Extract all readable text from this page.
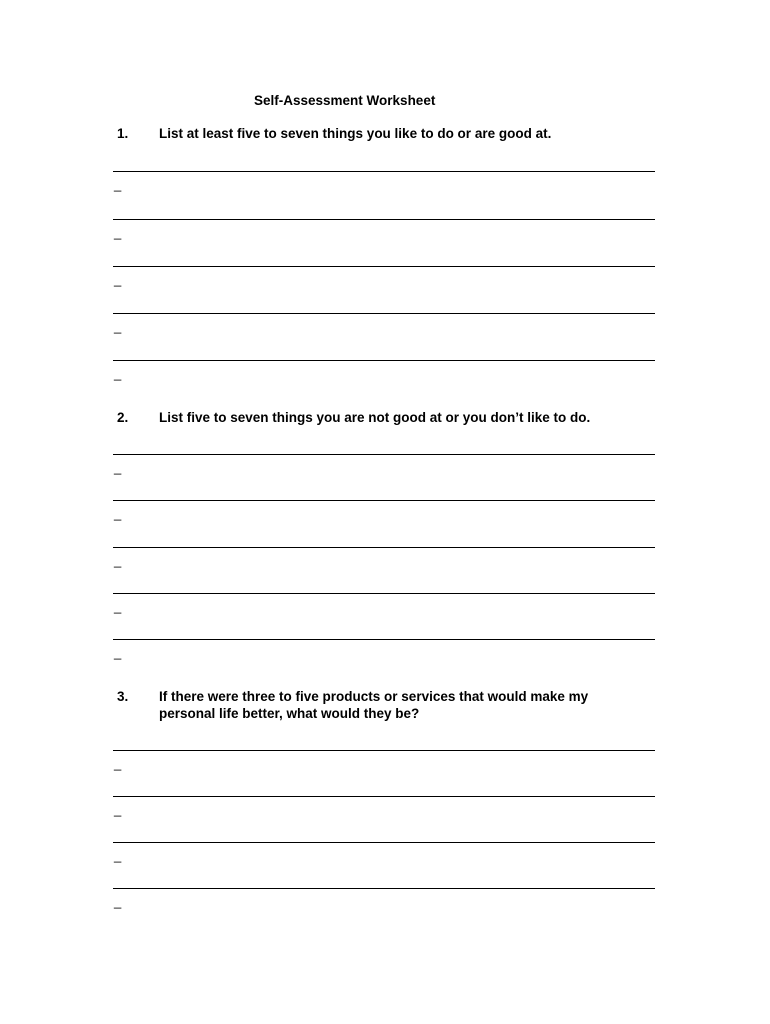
Self-Assessment Worksheet
1. List at least five to seven things you like to do or are good at.
_
_
_
_
_
2. List five to seven things you are not good at or you don’t like to do.
_
_
_
_
_
3. If there were three to five products or services that would make my personal life better, what would they be?
_
_
_
_
